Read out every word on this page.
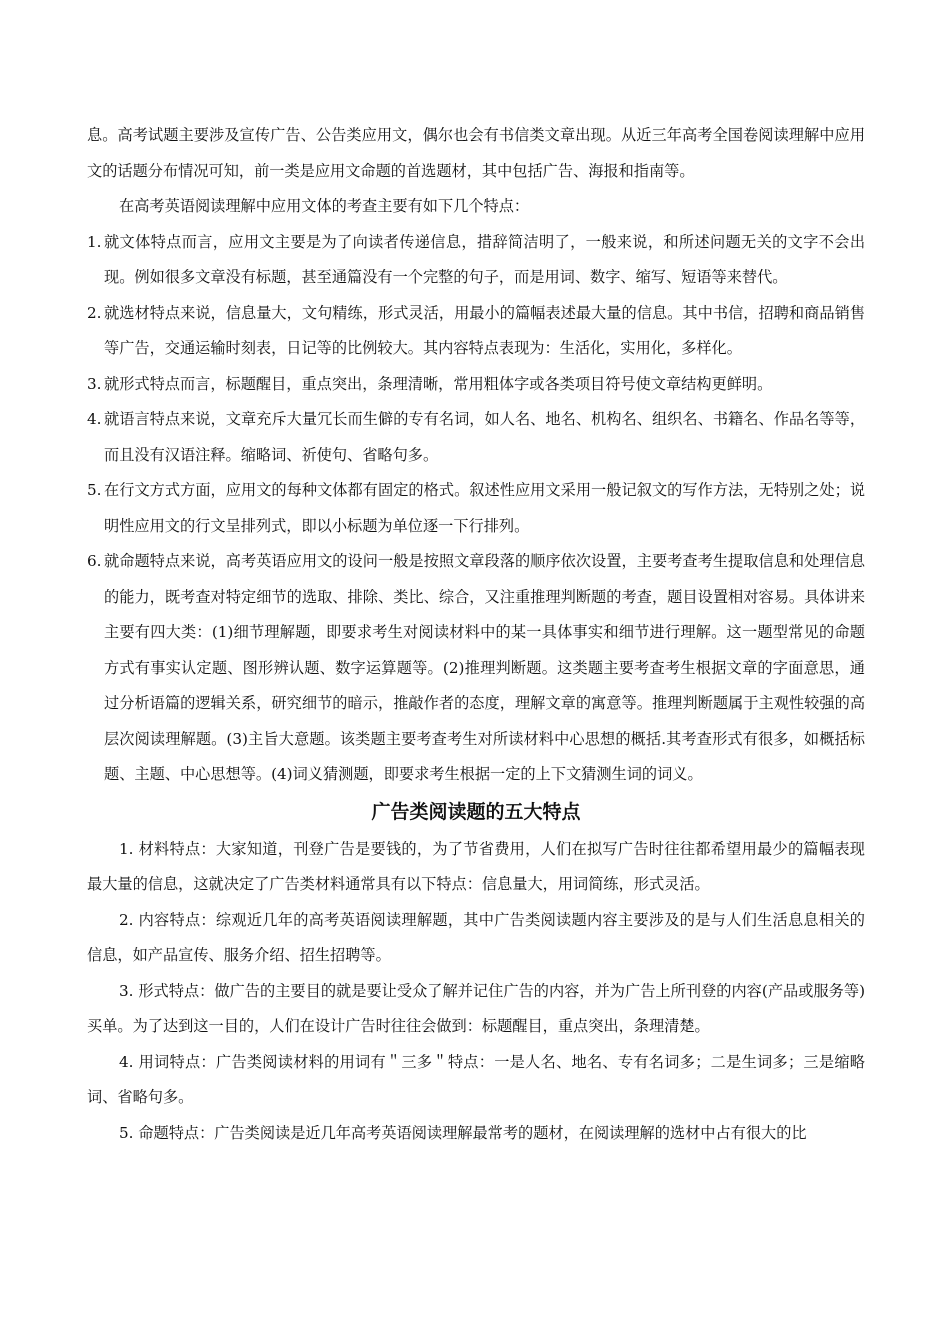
息。高考试题主要涉及宣传广告、公告类应用文，偶尔也会有书信类文章出现。从近三年高考全国卷阅读理解中应用文的话题分布情况可知，前一类是应用文命题的首选题材，其中包括广告、海报和指南等。

在高考英语阅读理解中应用文体的考查主要有如下几个特点：

1. 就文体特点而言，应用文主要是为了向读者传递信息，措辞简洁明了，一般来说，和所述问题无关的文字不会出现。例如很多文章没有标题，甚至通篇没有一个完整的句子，而是用词、数字、缩写、短语等来替代。
2. 就选材特点来说，信息量大，文句精练，形式灵活，用最小的篇幅表述最大量的信息。其中书信，招聘和商品销售等广告，交通运输时刻表，日记等的比例较大。其内容特点表现为：生活化，实用化，多样化。
3. 就形式特点而言，标题醒目，重点突出，条理清晰，常用粗体字或各类项目符号使文章结构更鲜明。
4. 就语言特点来说，文章充斥大量冗长而生僻的专有名词，如人名、地名、机构名、组织名、书籍名、作品名等等，而且没有汉语注释。缩略词、祈使句、省略句多。
5. 在行文方式方面，应用文的每种文体都有固定的格式。叙述性应用文采用一般记叙文的写作方法，无特别之处；说明性应用文的行文呈排列式，即以小标题为单位逐一下行排列。
6. 就命题特点来说，高考英语应用文的设问一般是按照文章段落的顺序依次设置，主要考查考生提取信息和处理信息的能力，既考查对特定细节的选取、排除、类比、综合，又注重推理判断题的考查，题目设置相对容易。具体讲来主要有四大类：(1)细节理解题，即要求考生对阅读材料中的某一具体事实和细节进行理解。这一题型常见的命题方式有事实认定题、图形辨认题、数字运算题等。(2)推理判断题。这类题主要考查考生根据文章的字面意思，通过分析语篇的逻辑关系，研究细节的暗示，推敲作者的态度，理解文章的寓意等。推理判断题属于主观性较强的高层次阅读理解题。(3)主旨大意题。该类题主要考查考生对所读材料中心思想的概括.其考查形式有很多，如概括标题、主题、中心思想等。(4)词义猜测题，即要求考生根据一定的上下文猜测生词的词义。
广告类阅读题的五大特点

1. 材料特点：大家知道，刊登广告是要钱的，为了节省费用，人们在拟写广告时往往都希望用最少的篇幅表现最大量的信息，这就决定了广告类材料通常具有以下特点：信息量大，用词简练，形式灵活。

2. 内容特点：综观近几年的高考英语阅读理解题，其中广告类阅读题内容主要涉及的是与人们生活息息相关的信息，如产品宣传、服务介绍、招生招聘等。

3. 形式特点：做广告的主要目的就是要让受众了解并记住广告的内容，并为广告上所刊登的内容(产品或服务等)买单。为了达到这一目的，人们在设计广告时往往会做到：标题醒目，重点突出，条理清楚。

4. 用词特点：广告类阅读材料的用词有＂三多＂特点：一是人名、地名、专有名词多；二是生词多；三是缩略词、省略句多。

5. 命题特点：广告类阅读是近几年高考英语阅读理解最常考的题材，在阅读理解的选材中占有很大的比
